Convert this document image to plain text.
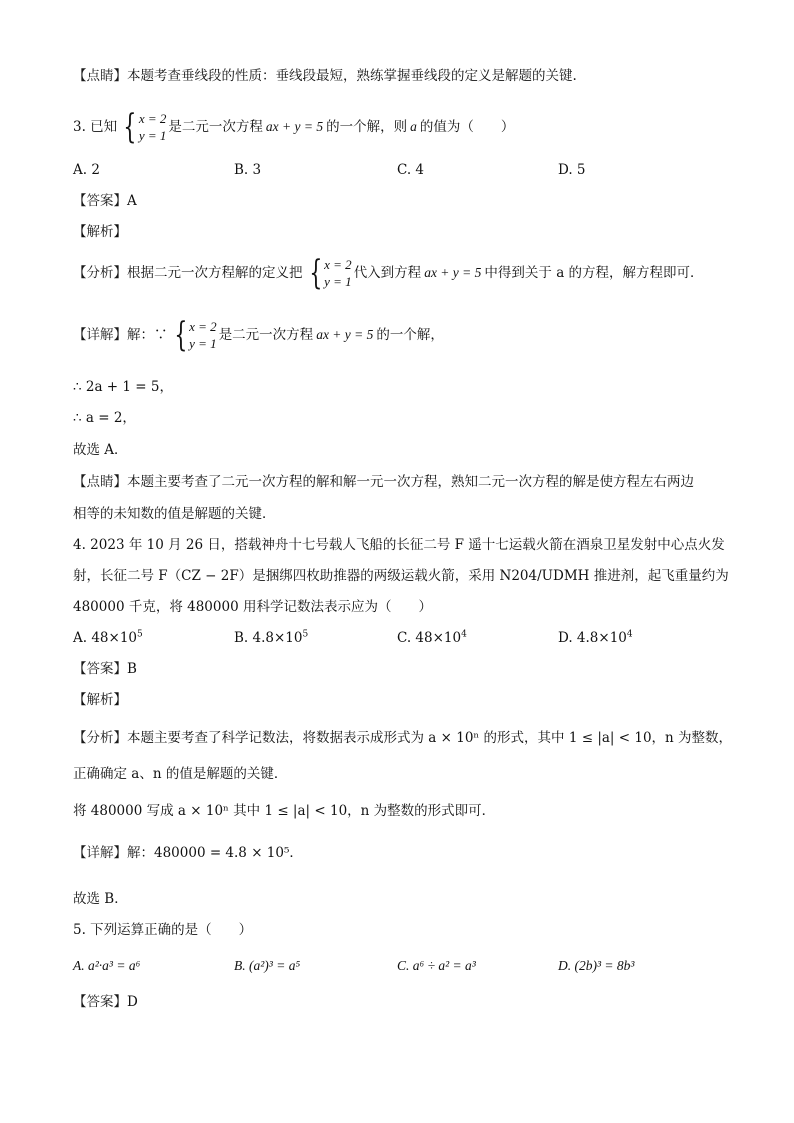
【点睛】本题考查垂线段的性质：垂线段最短，熟练掌握垂线段的定义是解题的关键.
3. 已知 { x = 2
y = 1
是二元一次方程 ax + y = 5 的一个解，则 a 的值为（　　）
A. 2	B. 3	C. 4	D. 5
【答案】A
【解析】
【分析】 根据二元一次方程解的定义把 { x = 2
y = 1
代入到方程 ax + y = 5 中得到关于 a 的方程，解方程即可．
【详解】 解：∵ { x = 2
y = 1
是二元一次方程 ax + y = 5 的一个解，
∴ 2a + 1 = 5，
∴ a = 2，
故选 A．
【点睛】本题主要考查了二元一次方程的解和解一元一次方程，熟知二元一次方程的解是使方程左右两边
相等的未知数的值是解题的关键．
4. 2023 年 10 月 26 日，搭载神舟十七号载人飞船的长征二号 F 遥十七运载火箭在酒泉卫星发射中心点火发
射，长征二号 F（CZ − 2F）是捆绑四枚助推器的两级运载火箭，采用 N204/UDMH 推进剂，起飞重量约为
480000 千克，将 480000 用科学记数法表示应为（　　）
A. $48\times 10^5$	B. $4.8\times 10^5$	C. $48\times 10^4$	D. $4.8\times 10^4$
【答案】B
【解析】
【分析】本题主要考查了科学记数法，将数据表示成形式为 a × 10ⁿ 的形式，其中 1 ≤ |a| < 10，n 为整数，
正确确定 a、n 的值是解题的关键．
将 480000 写成 a × 10ⁿ 其中 1 ≤ |a| < 10，n 为整数的形式即可．
【详解】解：480000 = 4.8 × 10⁵．
故选 B．
5. 下列运算正确的是（　　）
A. a²·a³ = a⁶	B. (a²)³ = a⁵	C. a⁶ ÷ a² = a³	D. (2b)³ = 8b³
【答案】D
